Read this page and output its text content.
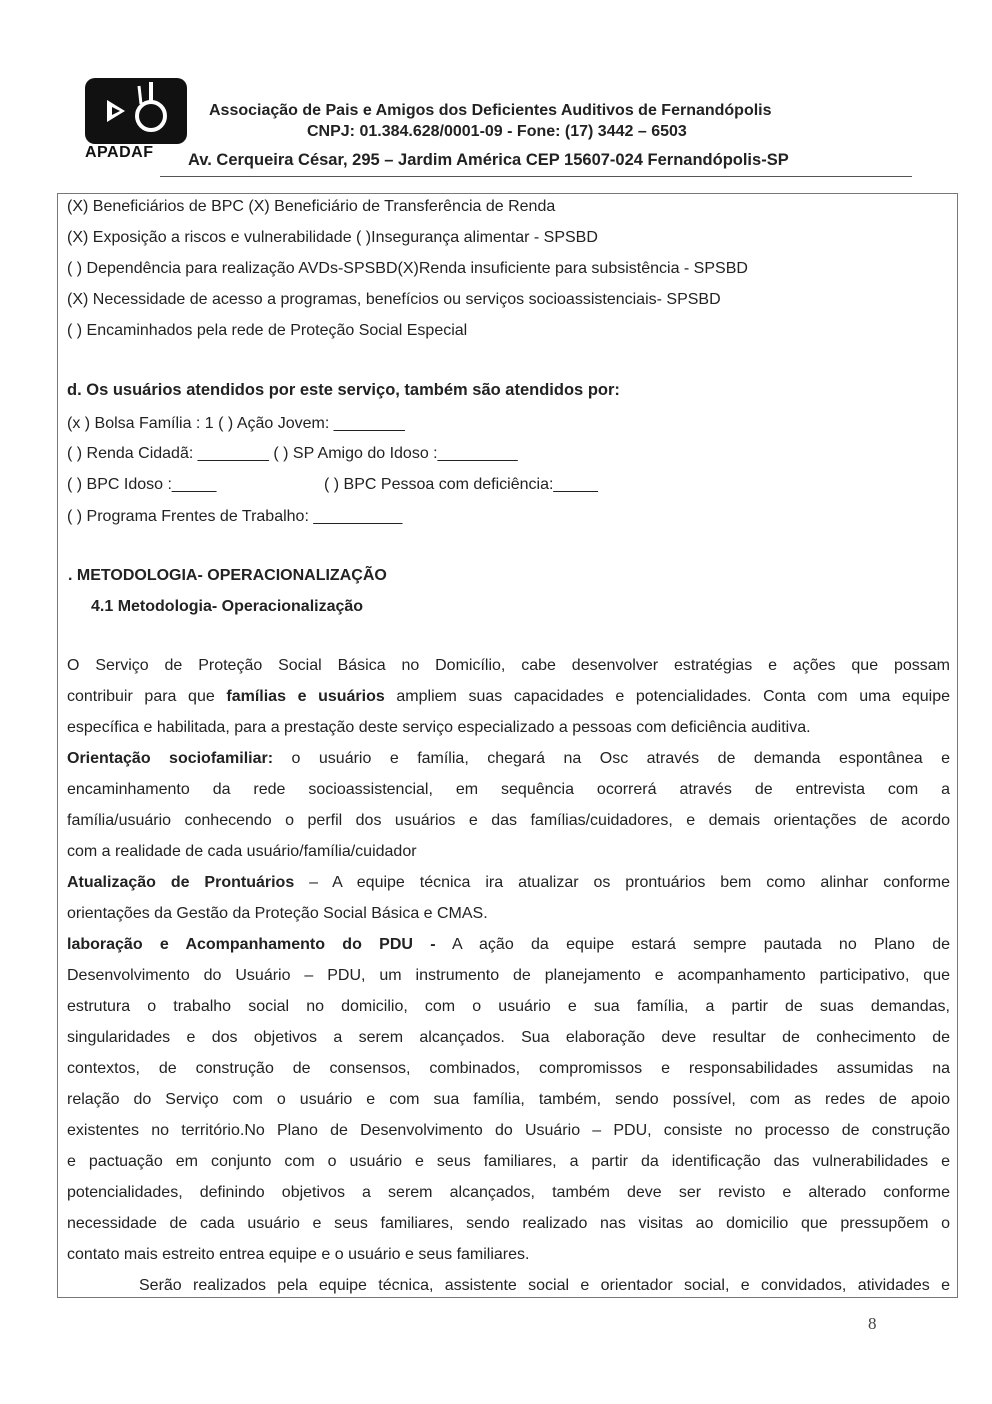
APADAF
Associação de Pais e Amigos dos Deficientes Auditivos de Fernandópolis
CNPJ: 01.384.628/0001-09 - Fone: (17) 3442 – 6503
Av. Cerqueira César, 295 – Jardim América CEP 15607-024 Fernandópolis-SP
(X) Beneficiários de BPC (X) Beneficiário de Transferência de Renda
(X) Exposição a riscos e vulnerabilidade ( )Insegurança alimentar - SPSBD
( ) Dependência para realização AVDs-SPSBD(X)Renda insuficiente para subsistência - SPSBD
(X) Necessidade de acesso a programas, benefícios ou serviços socioassistenciais- SPSBD
( ) Encaminhados pela rede de Proteção Social Especial
d. Os usuários atendidos por este serviço, também são atendidos por:
(x ) Bolsa Família : 1 ( ) Ação Jovem: ________
( ) Renda Cidadã: ________ ( ) SP Amigo do Idoso :_________
( ) BPC Idoso :_____	( ) BPC Pessoa com deficiência:_____
( ) Programa Frentes de Trabalho: __________
. METODOLOGIA- OPERACIONALIZAÇÃO
4.1 Metodologia- Operacionalização
O Serviço de Proteção Social Básica no Domicílio, cabe desenvolver estratégias e ações que possam
contribuir para que famílias e usuários ampliem suas capacidades e potencialidades. Conta com uma equipe
específica e habilitada, para a prestação deste serviço especializado a pessoas com deficiência auditiva.
Orientação sociofamiliar: o usuário e família, chegará na Osc através de demanda espontânea e
encaminhamento da rede socioassistencial, em sequência ocorrerá através de entrevista com a
família/usuário conhecendo o perfil dos usuários e das famílias/cuidadores, e demais orientações de acordo
com a realidade de cada usuário/família/cuidador
Atualização de Prontuários – A equipe técnica ira atualizar os prontuários bem como alinhar conforme
orientações da Gestão da Proteção Social Básica e CMAS.
laboração e Acompanhamento do PDU - A ação da equipe estará sempre pautada no Plano de
Desenvolvimento do Usuário – PDU, um instrumento de planejamento e acompanhamento participativo, que
estrutura o trabalho social no domicilio, com o usuário e sua família, a partir de suas demandas,
singularidades e dos objetivos a serem alcançados. Sua elaboração deve resultar de conhecimento de
contextos, de construção de consensos, combinados, compromissos e responsabilidades assumidas na
relação do Serviço com o usuário e com sua família, também, sendo possível, com as redes de apoio
existentes no território.No Plano de Desenvolvimento do Usuário – PDU, consiste no processo de construção
e pactuação em conjunto com o usuário e seus familiares, a partir da identificação das vulnerabilidades e
potencialidades, definindo objetivos a serem alcançados, também deve ser revisto e alterado conforme
necessidade de cada usuário e seus familiares, sendo realizado nas visitas ao domicilio que pressupõem o
contato mais estreito entrea equipe e o usuário e seus familiares.
Serão realizados pela equipe técnica, assistente social e orientador social, e convidados, atividades e
8
